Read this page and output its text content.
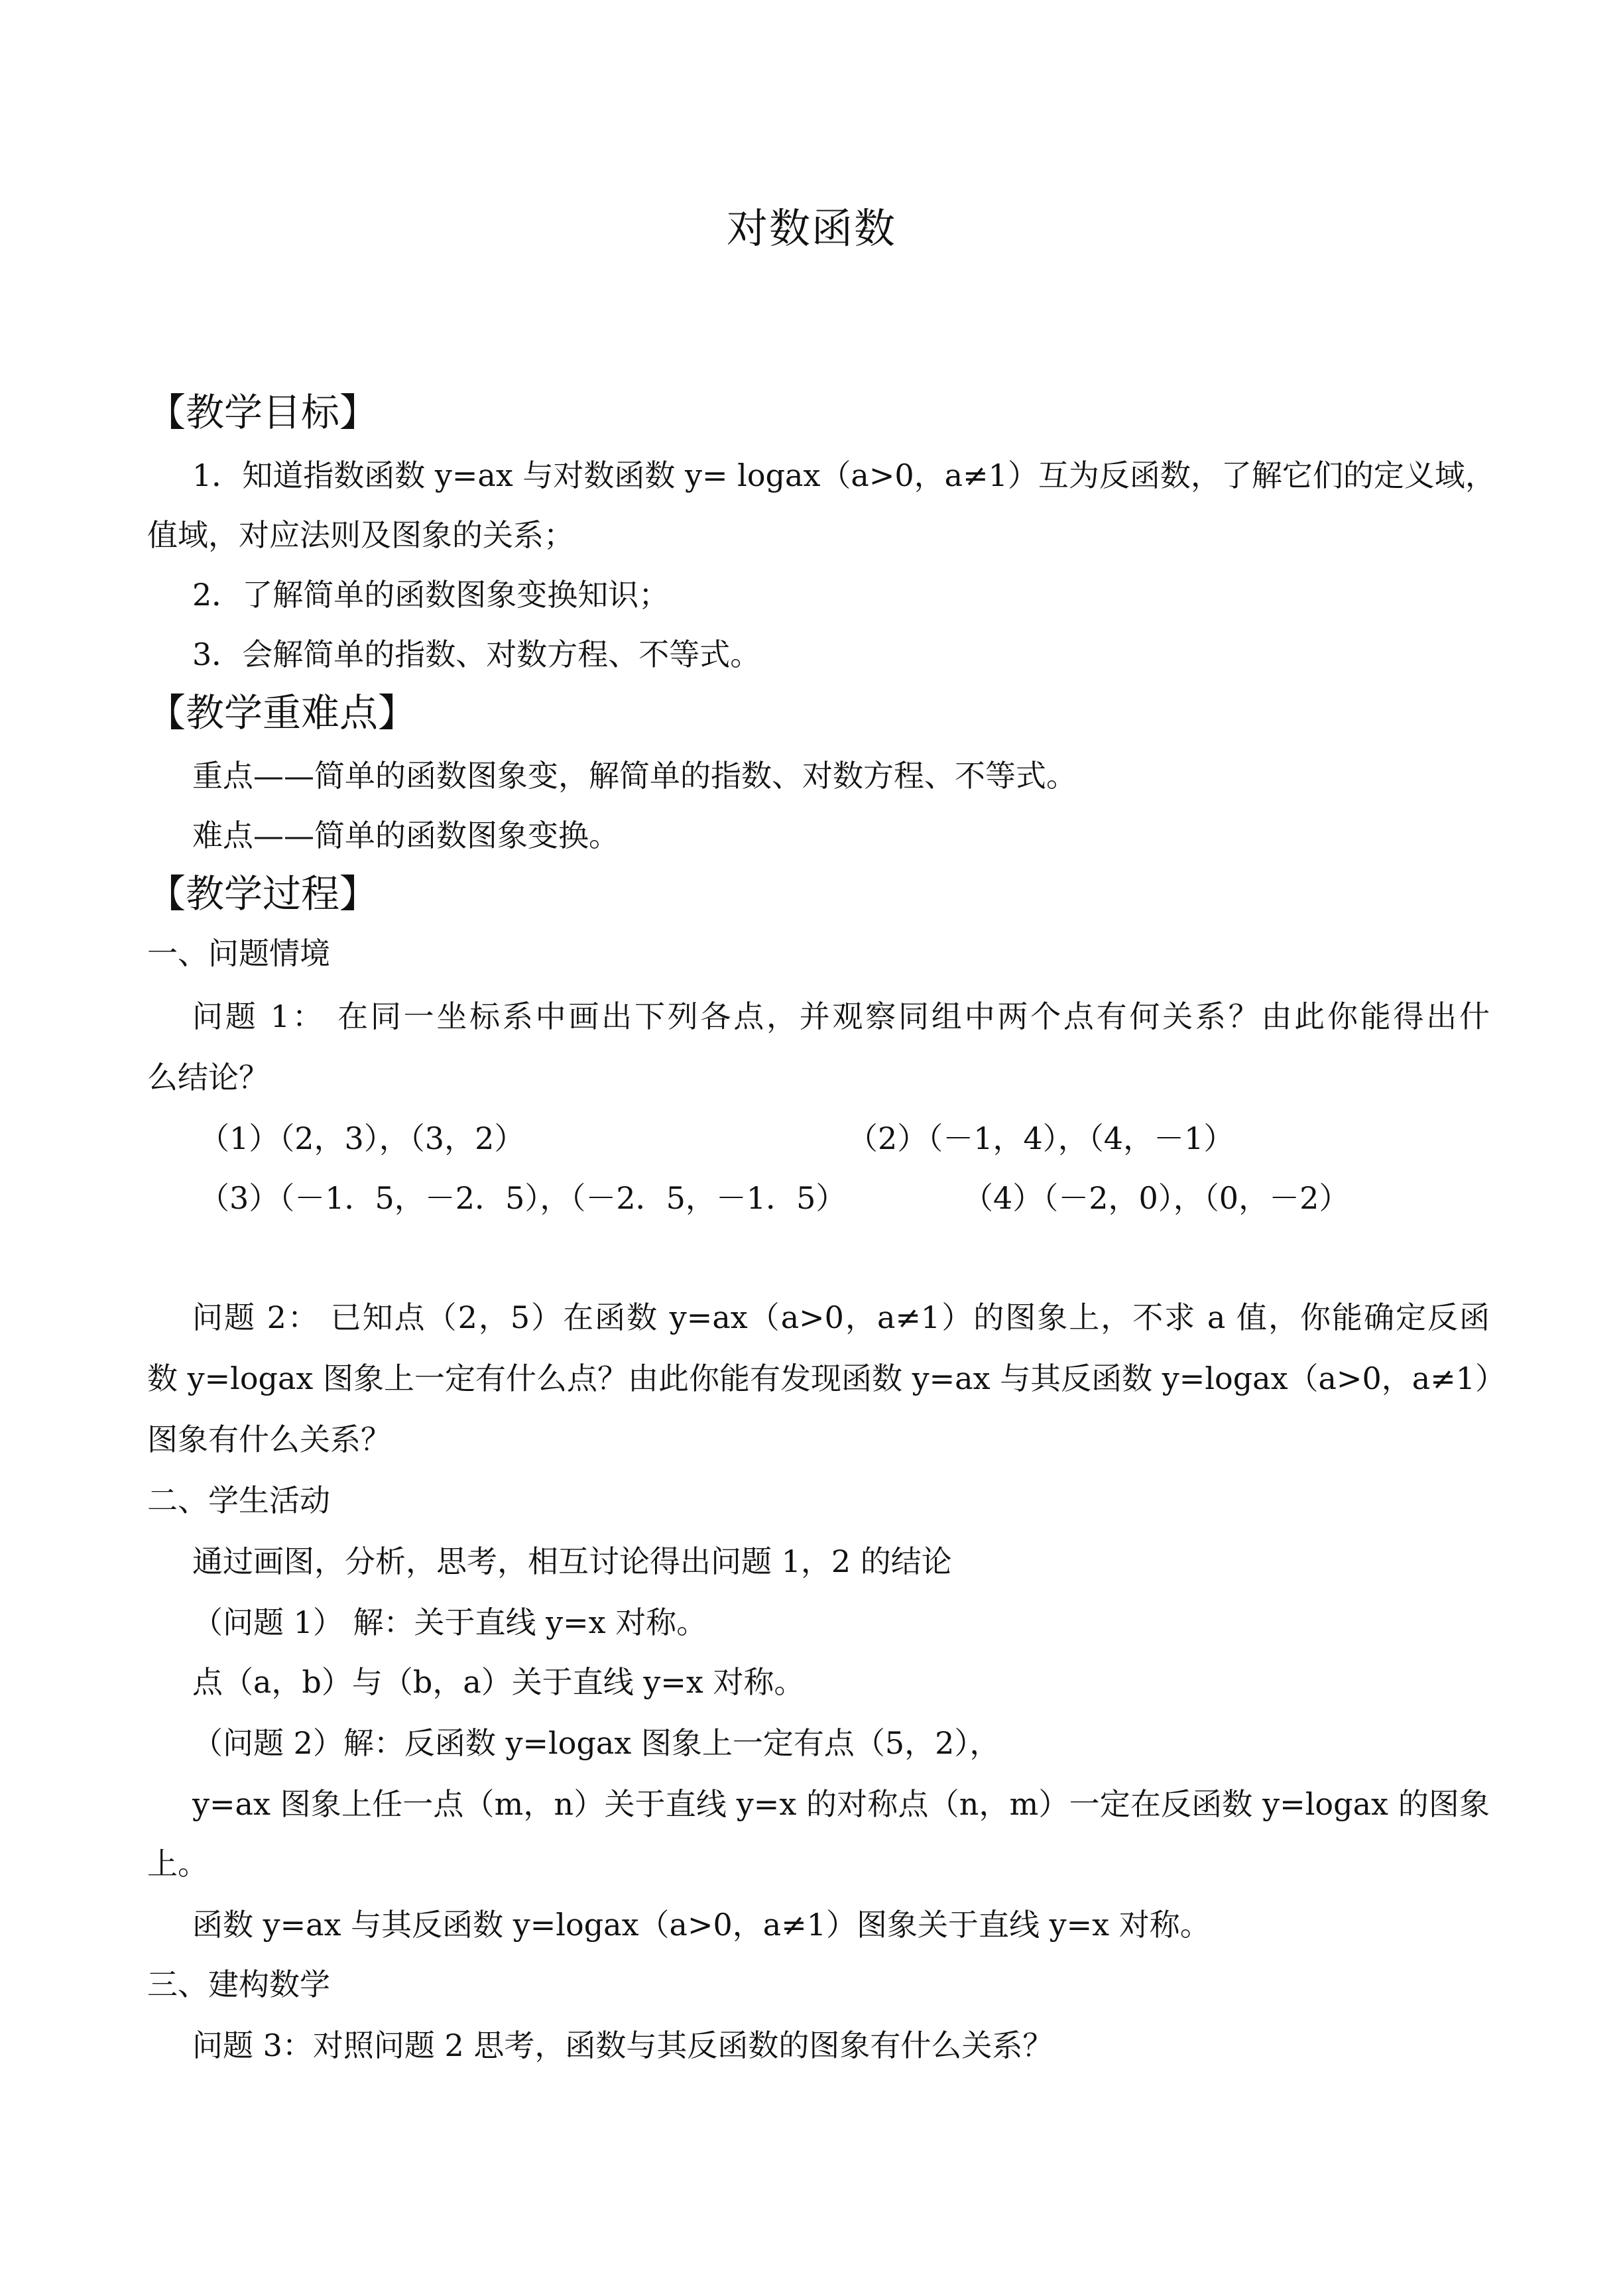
对数函数
【教学目标】
1．知道指数函数 y=ax 与对数函数 y= logax（a>0，a≠1）互为反函数，了解它们的定义域，
值域，对应法则及图象的关系；
2．了解简单的函数图象变换知识；
3．会解简单的指数、对数方程、不等式。
【教学重难点】
重点——简单的函数图象变，解简单的指数、对数方程、不等式。
难点——简单的函数图象变换。
【教学过程】
一、问题情境
问题 1： 在同一坐标系中画出下列各点，并观察同组中两个点有何关系？由此你能得出什
么结论？
（1）（2，3），（3，2）	（2）（－1，4），（4，－1）
（3）（－1．5，－2．5），（－2．5，－1．5）	（4）（－2，0），（0，－2）
问题 2： 已知点（2，5）在函数 y=ax（a>0，a≠1）的图象上，不求 a 值，你能确定反函
数 y=logax 图象上一定有什么点？由此你能有发现函数 y=ax 与其反函数 y=logax（a>0，a≠1）
图象有什么关系？
二、学生活动
通过画图，分析，思考，相互讨论得出问题 1，2 的结论
（问题 1） 解：关于直线 y=x 对称。
点（a，b）与（b，a）关于直线 y=x 对称。
（问题 2）解：反函数 y=logax 图象上一定有点（5，2），
y=ax 图象上任一点（m，n）关于直线 y=x 的对称点（n，m）一定在反函数 y=logax 的图象
上。
函数 y=ax 与其反函数 y=logax（a>0，a≠1）图象关于直线 y=x 对称。
三、建构数学
问题 3：对照问题 2 思考，函数与其反函数的图象有什么关系？
